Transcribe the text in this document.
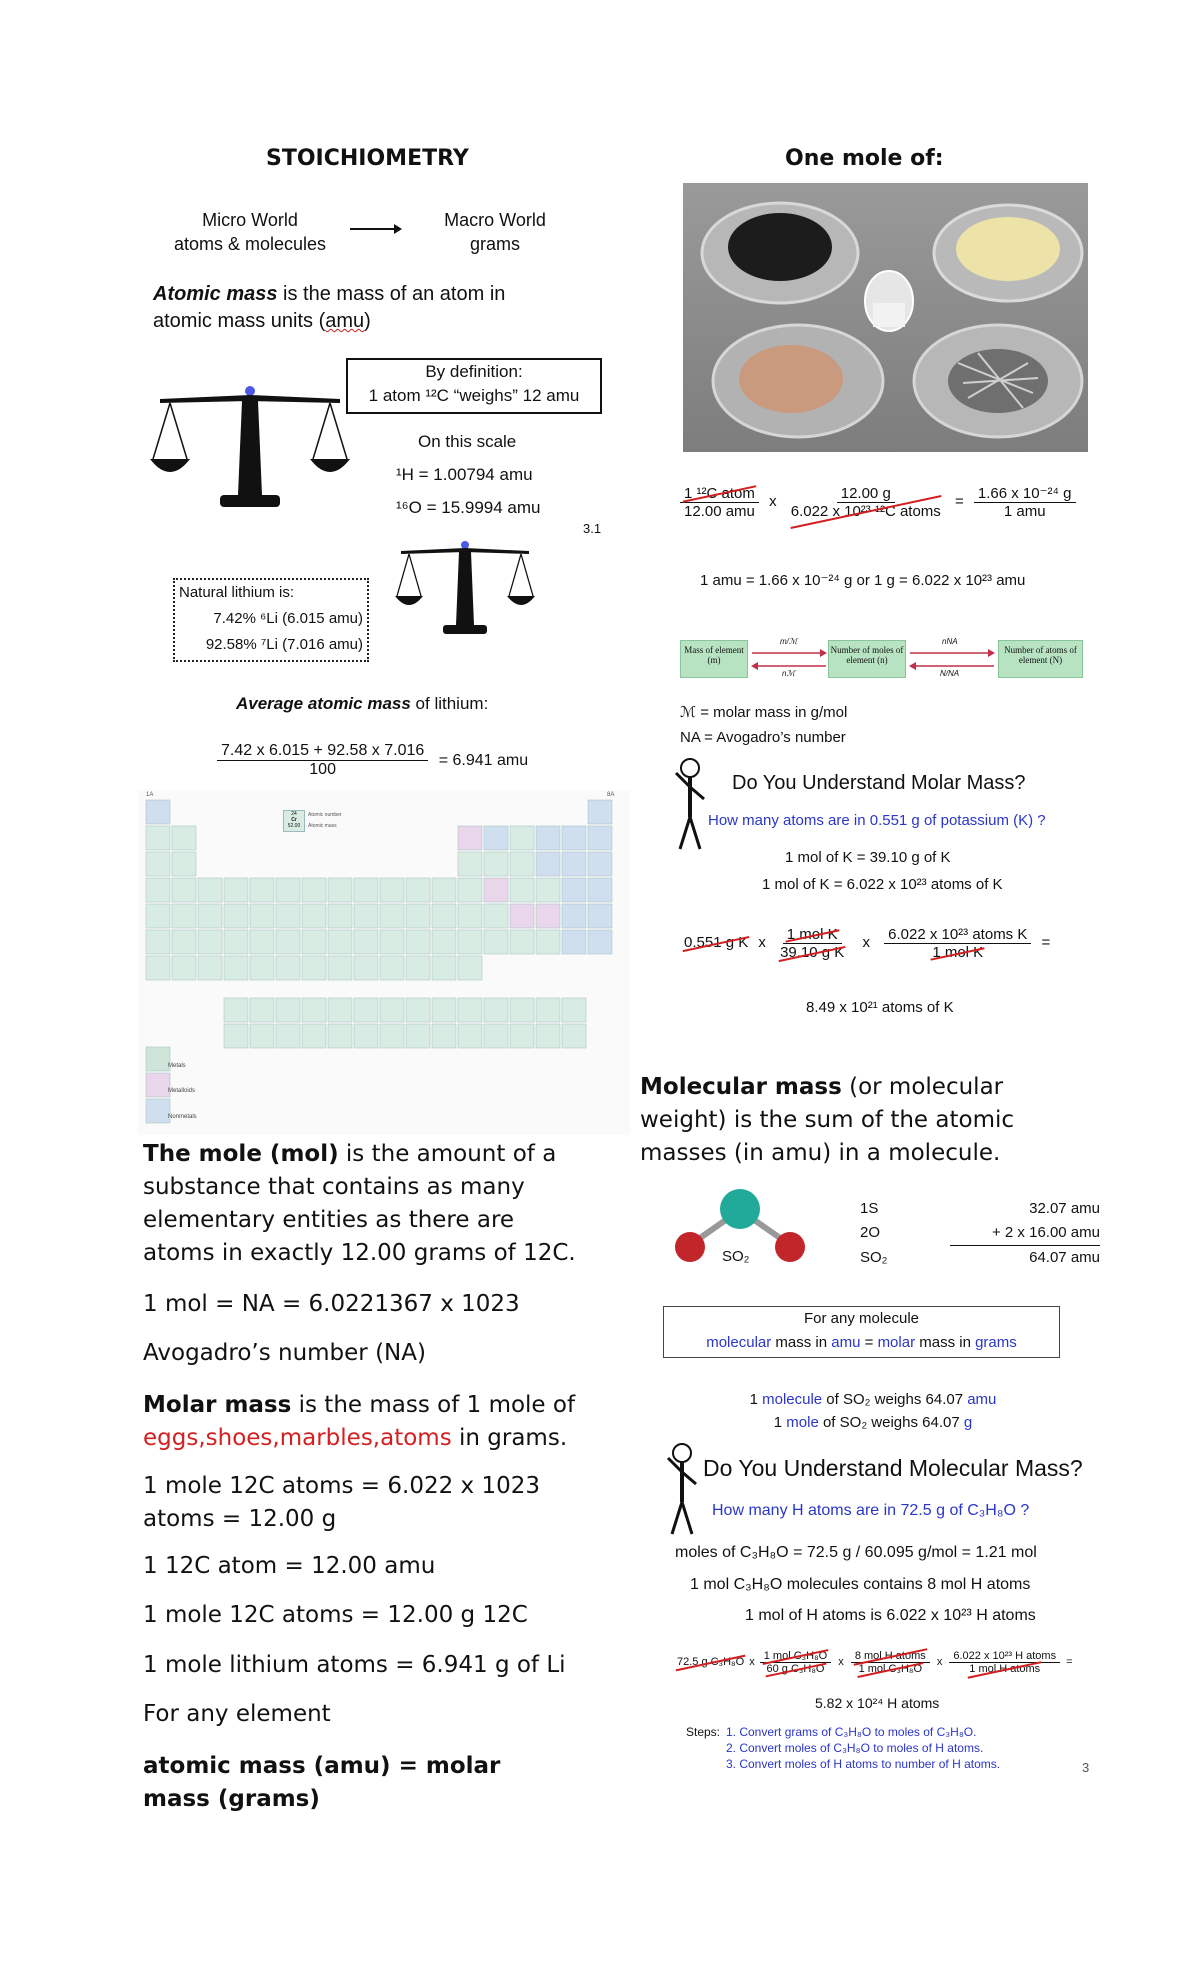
STOICHIOMETRY
Micro World
atoms & molecules
Macro World
grams
Atomic mass is the mass of an atom in
atomic mass units (amu)
By definition:
1 atom ¹²C “weighs” 12 amu
On this scale
¹H = 1.00794 amu
¹⁶O = 15.9994 amu
3.1
Natural lithium is:
7.42% ⁶Li (6.015 amu)
92.58% ⁷Li (7.016 amu)
Average atomic mass of lithium:
$\frac{7.42 x 6.015 + 92.58 x 7.016}{100} = 6.941$ amu
1A	8A
24
Cr
52.00
Atomic number
Atomic mass
Metals
Metalloids
Nonmetals
The mole (mol) is the amount of a substance that contains as many elementary entities as there are atoms in exactly 12.00 grams of 12C.
1 mol = NA = 6.0221367 x 1023
Avogadro’s number (NA)
Molar mass is the mass of 1 mole of
eggs,shoes,marbles,atoms in grams.
1 mole 12C atoms = 6.022 x 1023 atoms = 12.00 g
1 12C atom = 12.00 amu
1 mole 12C atoms = 12.00 g 12C
1 mole lithium atoms = 6.941 g of Li
For any element
atomic mass (amu) = molar mass (grams)
One mole of:
$\frac{\text{1 ¹²C atom}}{\text{12.00 amu}}$ x $\frac{12.00 g}{\text{6.022 x 10²³ ¹²C atoms}} = \frac{\text{1.66 x 10⁻²⁴ g}}{\text{1 amu}}$
1 amu = 1.66 x 10⁻²⁴ g or 1 g = 6.022 x 10²³ amu
Mass of element (m)
Number of moles of element (n)
Number of atoms of element (N)
m/ℳ
nℳ
nNA
N/NA
ℳ = molar mass in g/mol
NA = Avogadro’s number
Do You Understand Molar Mass?
How many atoms are in 0.551 g of potassium (K) ?
1 mol of K = 39.10 g of K
1 mol of K = 6.022 x 10²³ atoms of K
0.551 g K x $\frac{\text{1 mol K}}{\text{39.10 g K}}$ x $\frac{\text{6.022 x 10²³ atoms K}}{\text{1 mol K}}$ =
8.49 x 10²¹ atoms of K
Molecular mass (or molecular weight) is the sum of the atomic masses (in amu) in a molecule.
SO₂
1S	32.07 amu
2O	+ 2 x 16.00 amu
SO₂	64.07 amu
For any molecule
molecular mass in amu = molar mass in grams
1 molecule of SO₂ weighs 64.07 amu
1 mole of SO₂ weighs 64.07 g
Do You Understand Molecular Mass?
How many H atoms are in 72.5 g of C₃H₈O ?
moles of C₃H₈O = 72.5 g / 60.095 g/mol = 1.21 mol
1 mol C₃H₈O molecules contains 8 mol H atoms
1 mol of H atoms is 6.022 x 10²³ H atoms
72.5 g C₃H₈O x $\frac{\text{1 mol C₃H₈O}}{\text{60 g C₃H₈O}}$ x $\frac{\text{8 mol H atoms}}{\text{1 mol C₃H₈O}}$ x $\frac{\text{6.022 x 10²³ H atoms}}{\text{1 mol H atoms}}$ =
5.82 x 10²⁴ H atoms
Steps: 1. Convert grams of C₃H₈O to moles of C₃H₈O.
2. Convert moles of C₃H₈O to moles of H atoms.
3. Convert moles of H atoms to number of H atoms.	3
